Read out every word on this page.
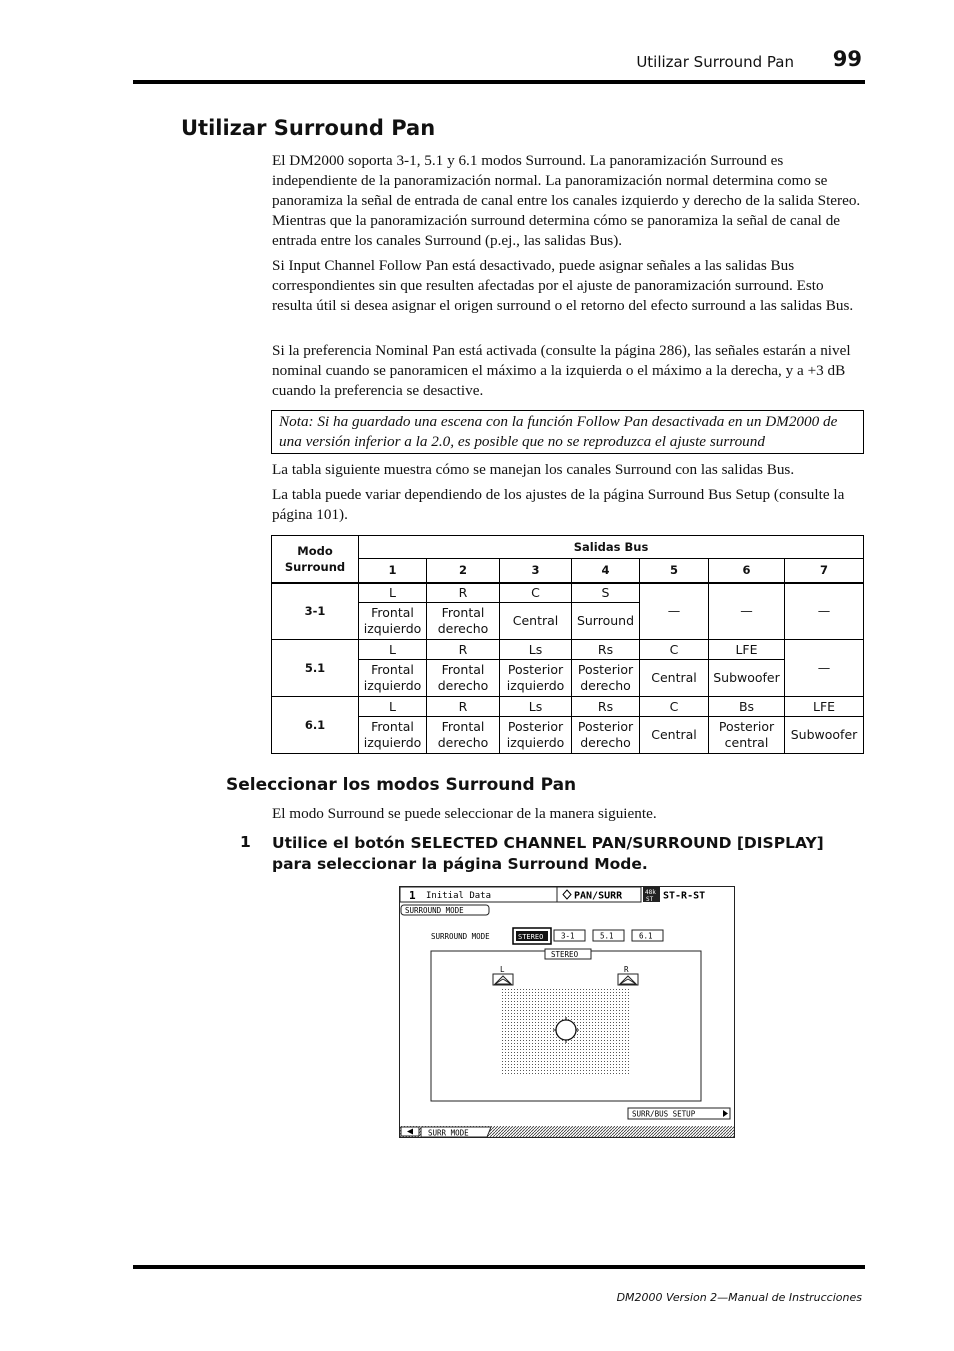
Utilizar Surround Pan 99
Utilizar Surround Pan

El DM2000 soporta 3-1, 5.1 y 6.1 modos Surround. La panoramización Surround es independiente de la panoramización normal. La panoramización normal determina como se panoramiza la señal de entrada de canal entre los canales izquierdo y derecho de la salida Stereo. Mientras que la panoramización surround determina cómo se panoramiza la señal de canal de entrada entre los canales Surround (p.ej., las salidas Bus).

Si Input Channel Follow Pan está desactivado, puede asignar señales a las salidas Bus correspondientes sin que resulten afectadas por el ajuste de panoramización surround. Esto resulta útil si desea asignar el origen surround o el retorno del efecto surround a las salidas Bus.

Si la preferencia Nominal Pan está activada (consulte la página 286), las señales estarán a nivel nominal cuando se panoramicen el máximo a la izquierda o el máximo a la derecha, y a +3 dB cuando la preferencia se desactive.

Nota: Si ha guardado una escena con la función Follow Pan desactivada en un DM2000 de una versión inferior a la 2.0, es posible que no se reproduzca el ajuste surround

La tabla siguiente muestra cómo se manejan los canales Surround con las salidas Bus.

La tabla puede variar dependiendo de los ajustes de la página Surround Bus Setup (consulte la página 101).

Modo Surround	Salidas Bus						
	1	2	3	4	5	6	7
3-1	L	R	C	S	—	—	—
	Frontal izquierdo	Frontal derecho	Central	Surround			
5.1	L	R	Ls	Rs	C	LFE	—
	Frontal izquierdo	Frontal derecho	Posterior izquierdo	Posterior derecho	Central	Subwoofer	
6.1	L	R	Ls	Rs	C	Bs	LFE
	Frontal izquierdo	Frontal derecho	Posterior izquierdo	Posterior derecho	Central	Posterior central	Subwoofer
Seleccionar los modos Surround Pan

El modo Surround se puede seleccionar de la manera siguiente.

1 Utilice el botón SELECTED CHANNEL PAN/SURROUND [DISPLAY] para seleccionar la página Surround Mode.
1 Initial Data	PAN/SURR	48k
ST ST-R-ST
SURROUND MODE
SURROUND MODE	STEREO 3-1	5.1	6.1
STEREO
L	R
SURR/BUS SETUP
SURR MODE
DM2000 Version 2—Manual de Instrucciones
